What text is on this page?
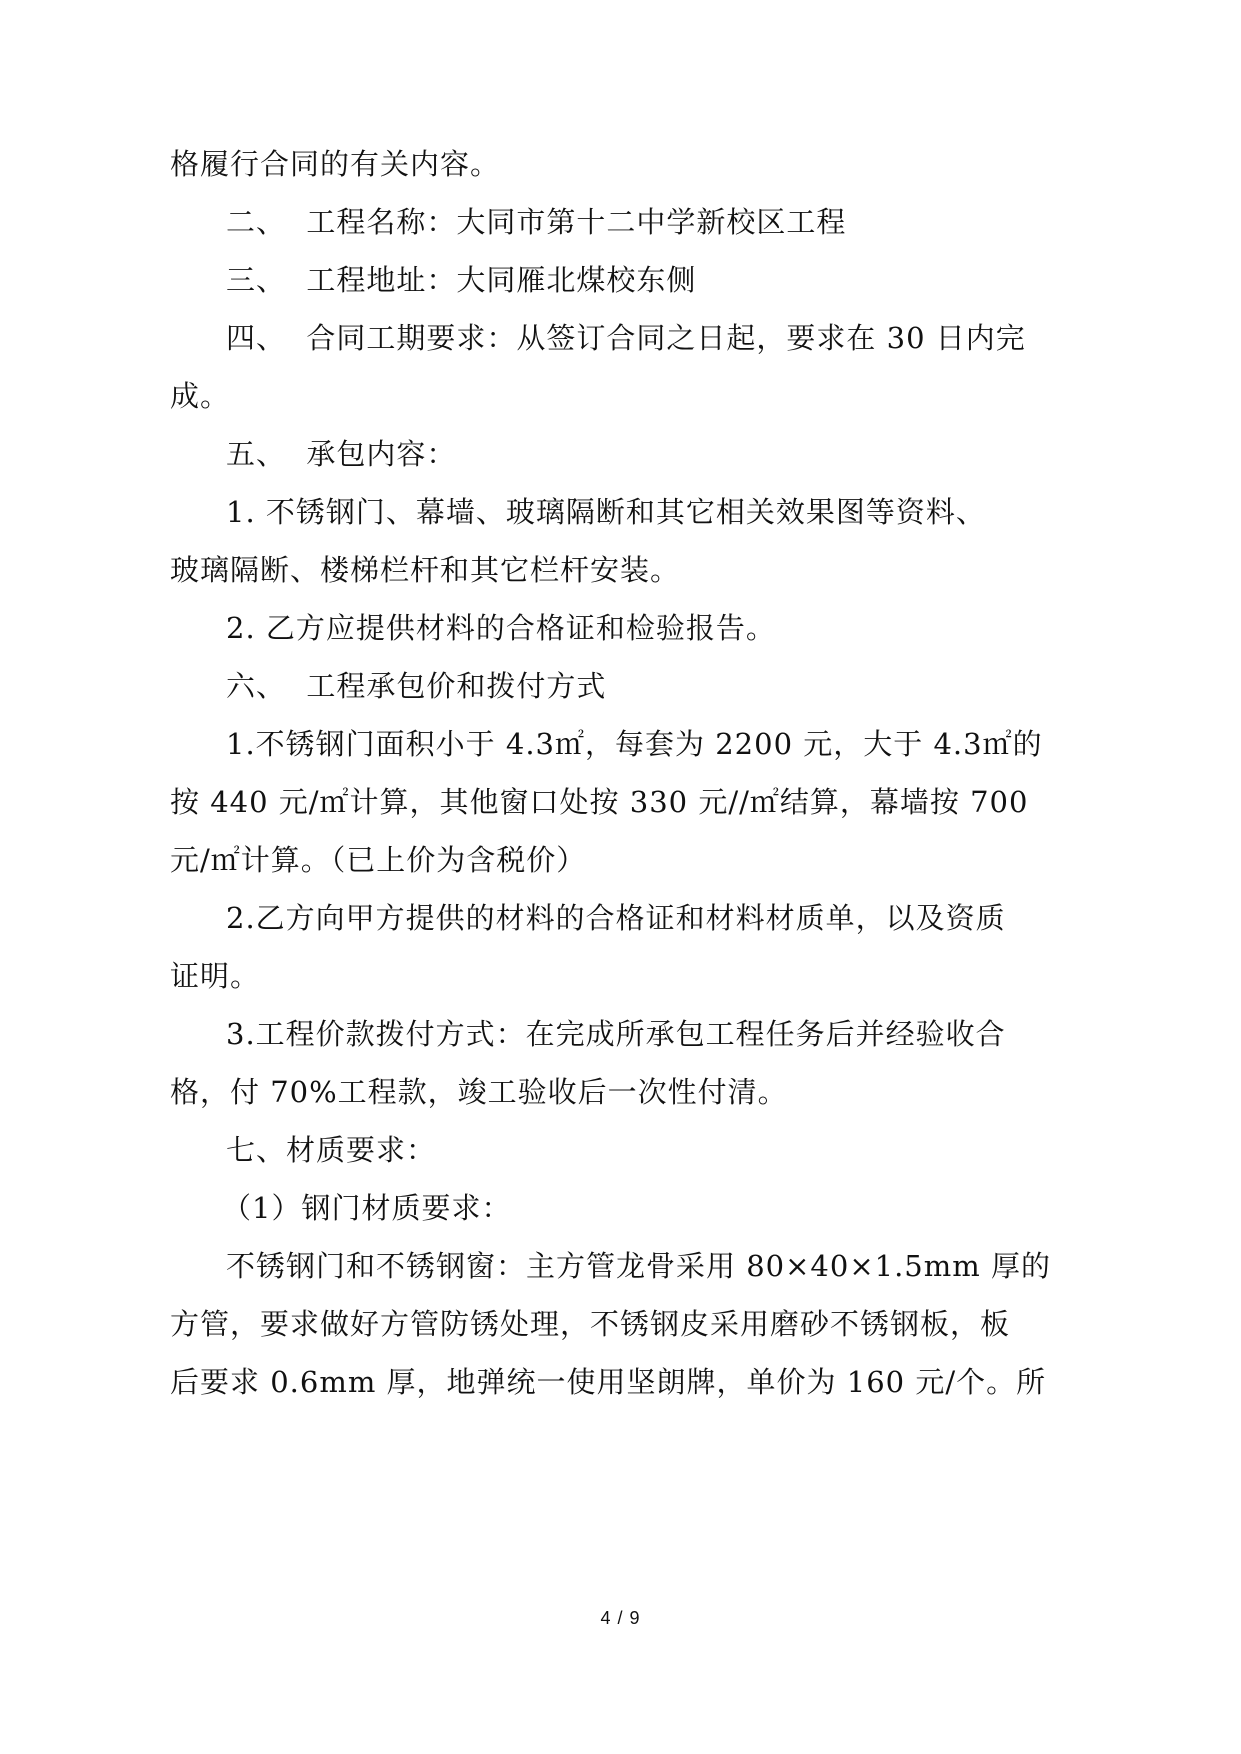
格履行合同的有关内容。
二、  工程名称：大同市第十二中学新校区工程
三、  工程地址：大同雁北煤校东侧
四、  合同工期要求：从签订合同之日起，要求在 30 日内完
成。
五、  承包内容：
1. 不锈钢门、幕墙、玻璃隔断和其它相关效果图等资料、
玻璃隔断、楼梯栏杆和其它栏杆安装。
2. 乙方应提供材料的合格证和检验报告。
六、  工程承包价和拨付方式
1.不锈钢门面积小于 4.3㎡，每套为 2200 元，大于 4.3㎡的
按 440 元/㎡计算，其他窗口处按 330 元//㎡结算，幕墙按 700
元/㎡计算。（已上价为含税价）
2.乙方向甲方提供的材料的合格证和材料材质单，以及资质
证明。
3.工程价款拨付方式：在完成所承包工程任务后并经验收合
格，付 70%工程款，竣工验收后一次性付清。
七、材质要求：
（1）钢门材质要求：
不锈钢门和不锈钢窗：主方管龙骨采用 80×40×1.5mm 厚的
方管，要求做好方管防锈处理，不锈钢皮采用磨砂不锈钢板，板
后要求 0.6mm 厚，地弹统一使用坚朗牌，单价为 160 元/个。所
4 / 9
